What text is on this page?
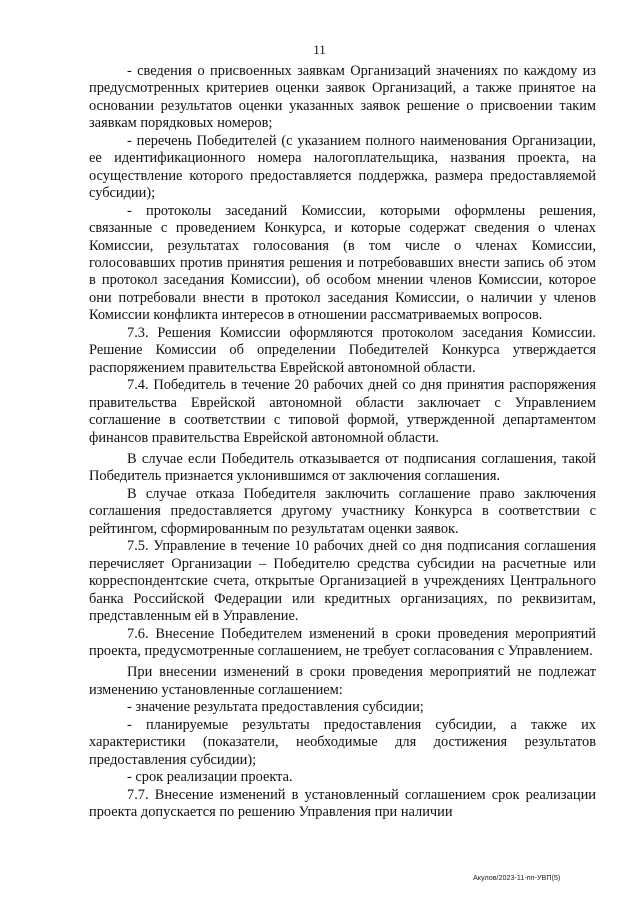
11

- сведения о присвоенных заявкам Организаций значениях по каждому из предусмотренных критериев оценки заявок Организаций, а также принятое на основании результатов оценки указанных заявок решение о присвоении таким заявкам порядковых номеров;

- перечень Победителей (с указанием полного наименования Организации, ее идентификационного номера налогоплательщика, названия проекта, на осуществление которого предоставляется поддержка, размера предоставляемой субсидии);

- протоколы заседаний Комиссии, которыми оформлены решения, связанные с проведением Конкурса, и которые содержат сведения о членах Комиссии, результатах голосования (в том числе о членах Комиссии, голосовавших против принятия решения и потребовавших внести запись об этом в протокол заседания Комиссии), об особом мнении членов Комиссии, которое они потребовали внести в протокол заседания Комиссии, о наличии у членов Комиссии конфликта интересов в отношении рассматриваемых вопросов.

7.3. Решения Комиссии оформляются протоколом заседания Комиссии. Решение Комиссии об определении Победителей Конкурса утверждается распоряжением правительства Еврейской автономной области.

7.4. Победитель в течение 20 рабочих дней со дня принятия распоряжения правительства Еврейской автономной области заключает с Управлением соглашение в соответствии с типовой формой, утвержденной департаментом финансов правительства Еврейской автономной области.

В случае если Победитель отказывается от подписания соглашения, такой Победитель признается уклонившимся от заключения соглашения.

В случае отказа Победителя заключить соглашение право заключения соглашения предоставляется другому участнику Конкурса в соответствии с рейтингом, сформированным по результатам оценки заявок.

7.5. Управление в течение 10 рабочих дней со дня подписания соглашения перечисляет Организации – Победителю средства субсидии на расчетные или корреспондентские счета, открытые Организацией в учреждениях Центрального банка Российской Федерации или кредитных организациях, по реквизитам, представленным ей в Управление.

7.6. Внесение Победителем изменений в сроки проведения мероприятий проекта, предусмотренные соглашением, не требует согласования с Управлением.

При внесении изменений в сроки проведения мероприятий не подлежат изменению установленные соглашением:

- значение результата предоставления субсидии;

- планируемые результаты предоставления субсидии, а также их характеристики (показатели, необходимые для достижения результатов предоставления субсидии);

- срок реализации проекта.

7.7. Внесение изменений в установленный соглашением срок реализации проекта допускается по решению Управления при наличии

Акулов/2023-11-пп-УВП(5)
